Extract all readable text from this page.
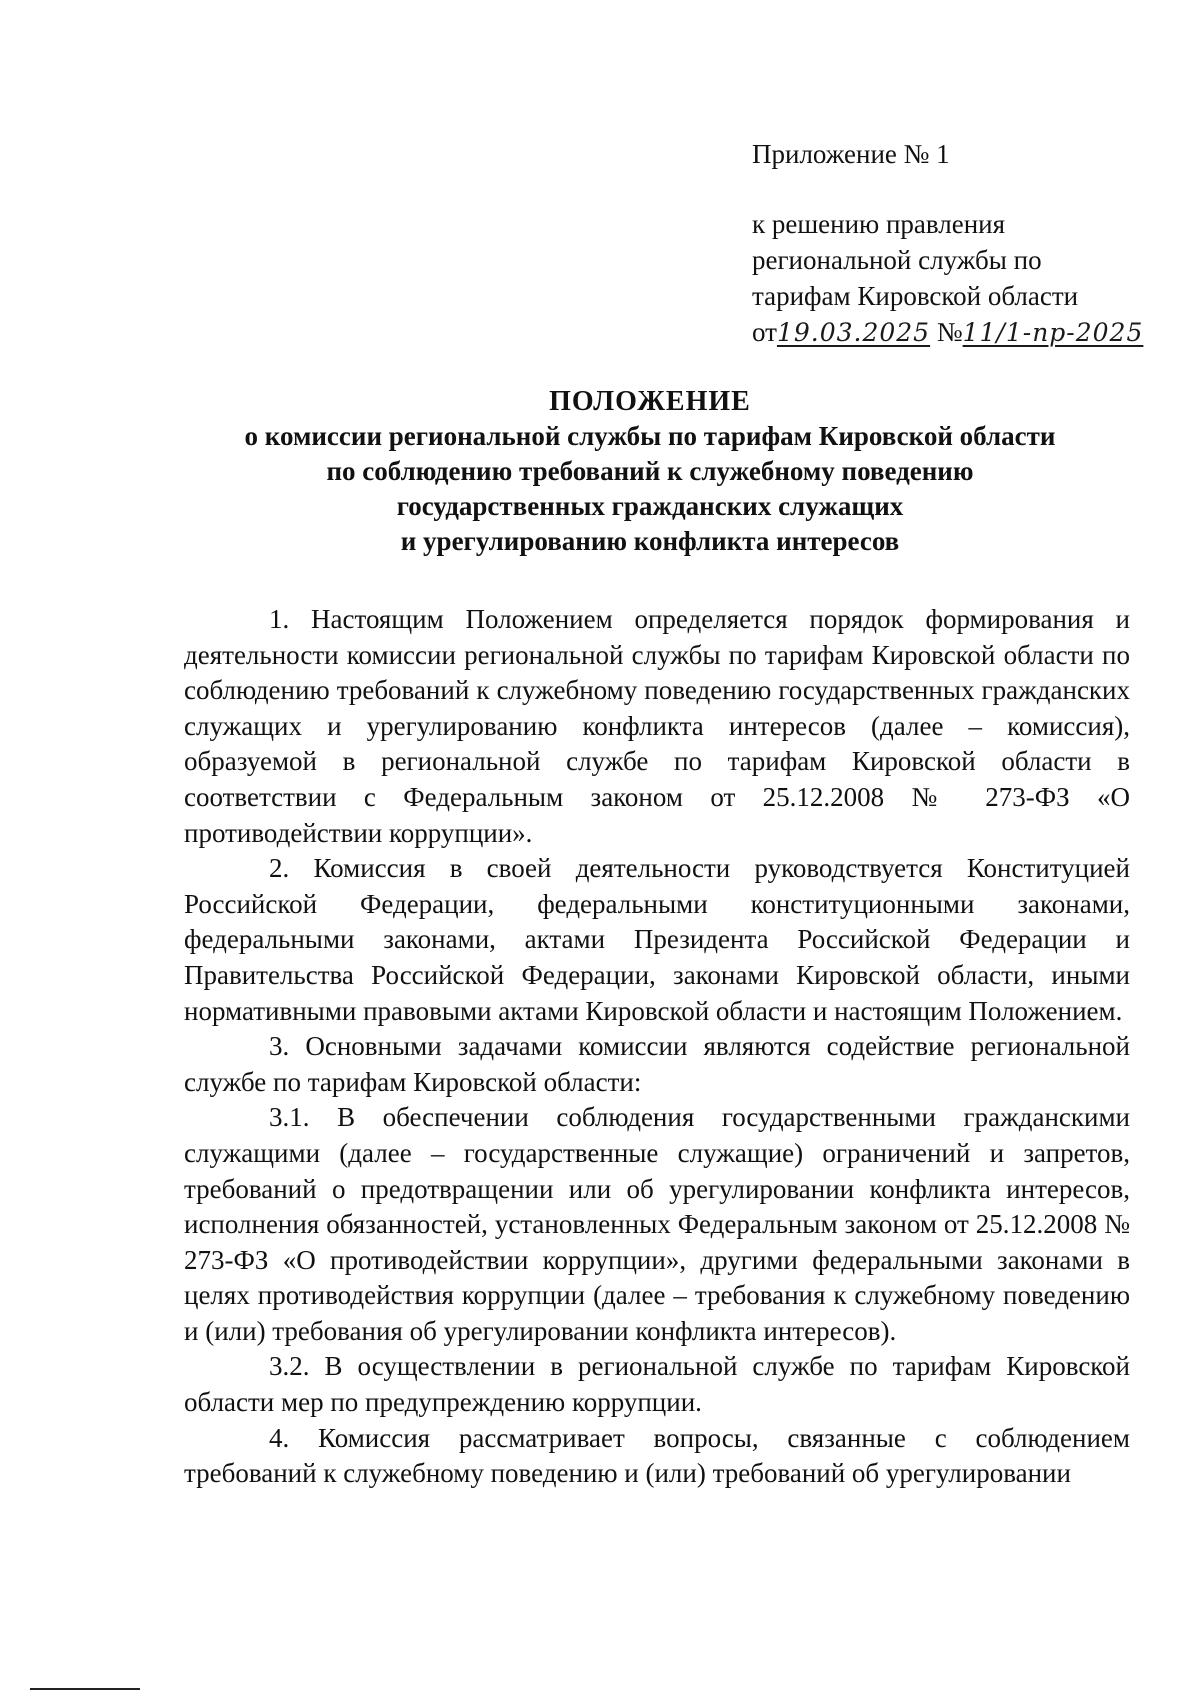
Приложение № 1
к решению правления
региональной службы по
тарифам Кировской области
от19.03.2025 №11/1-пр-2025
ПОЛОЖЕНИЕ
о комиссии региональной службы по тарифам Кировской области
по соблюдению требований к служебному поведению
государственных гражданских служащих
и урегулированию конфликта интересов

1. Настоящим Положением определяется порядок формирования и деятельности комиссии региональной службы по тарифам Кировской области по соблюдению требований к служебному поведению государственных гражданских служащих и урегулированию конфликта интересов (далее – комиссия), образуемой в региональной службе по тарифам Кировской области в соответствии с Федеральным законом от 25.12.2008 № 273-ФЗ «О противодействии коррупции».

2. Комиссия в своей деятельности руководствуется Конституцией Российской Федерации, федеральными конституционными законами, федеральными законами, актами Президента Российской Федерации и Правительства Российской Федерации, законами Кировской области, иными нормативными правовыми актами Кировской области и настоящим Положением.

3. Основными задачами комиссии являются содействие региональной службе по тарифам Кировской области:

3.1. В обеспечении соблюдения государственными гражданскими служащими (далее – государственные служащие) ограничений и запретов, требований о предотвращении или об урегулировании конфликта интересов, исполнения обязанностей, установленных Федеральным законом от 25.12.2008 № 273-ФЗ «О противодействии коррупции», другими федеральными законами в целях противодействия коррупции (далее – требования к служебному поведению и (или) требования об урегулировании конфликта интересов).

3.2. В осуществлении в региональной службе по тарифам Кировской области мер по предупреждению коррупции.

4. Комиссия рассматривает вопросы, связанные с соблюдением требований к служебному поведению и (или) требований об урегулировании
